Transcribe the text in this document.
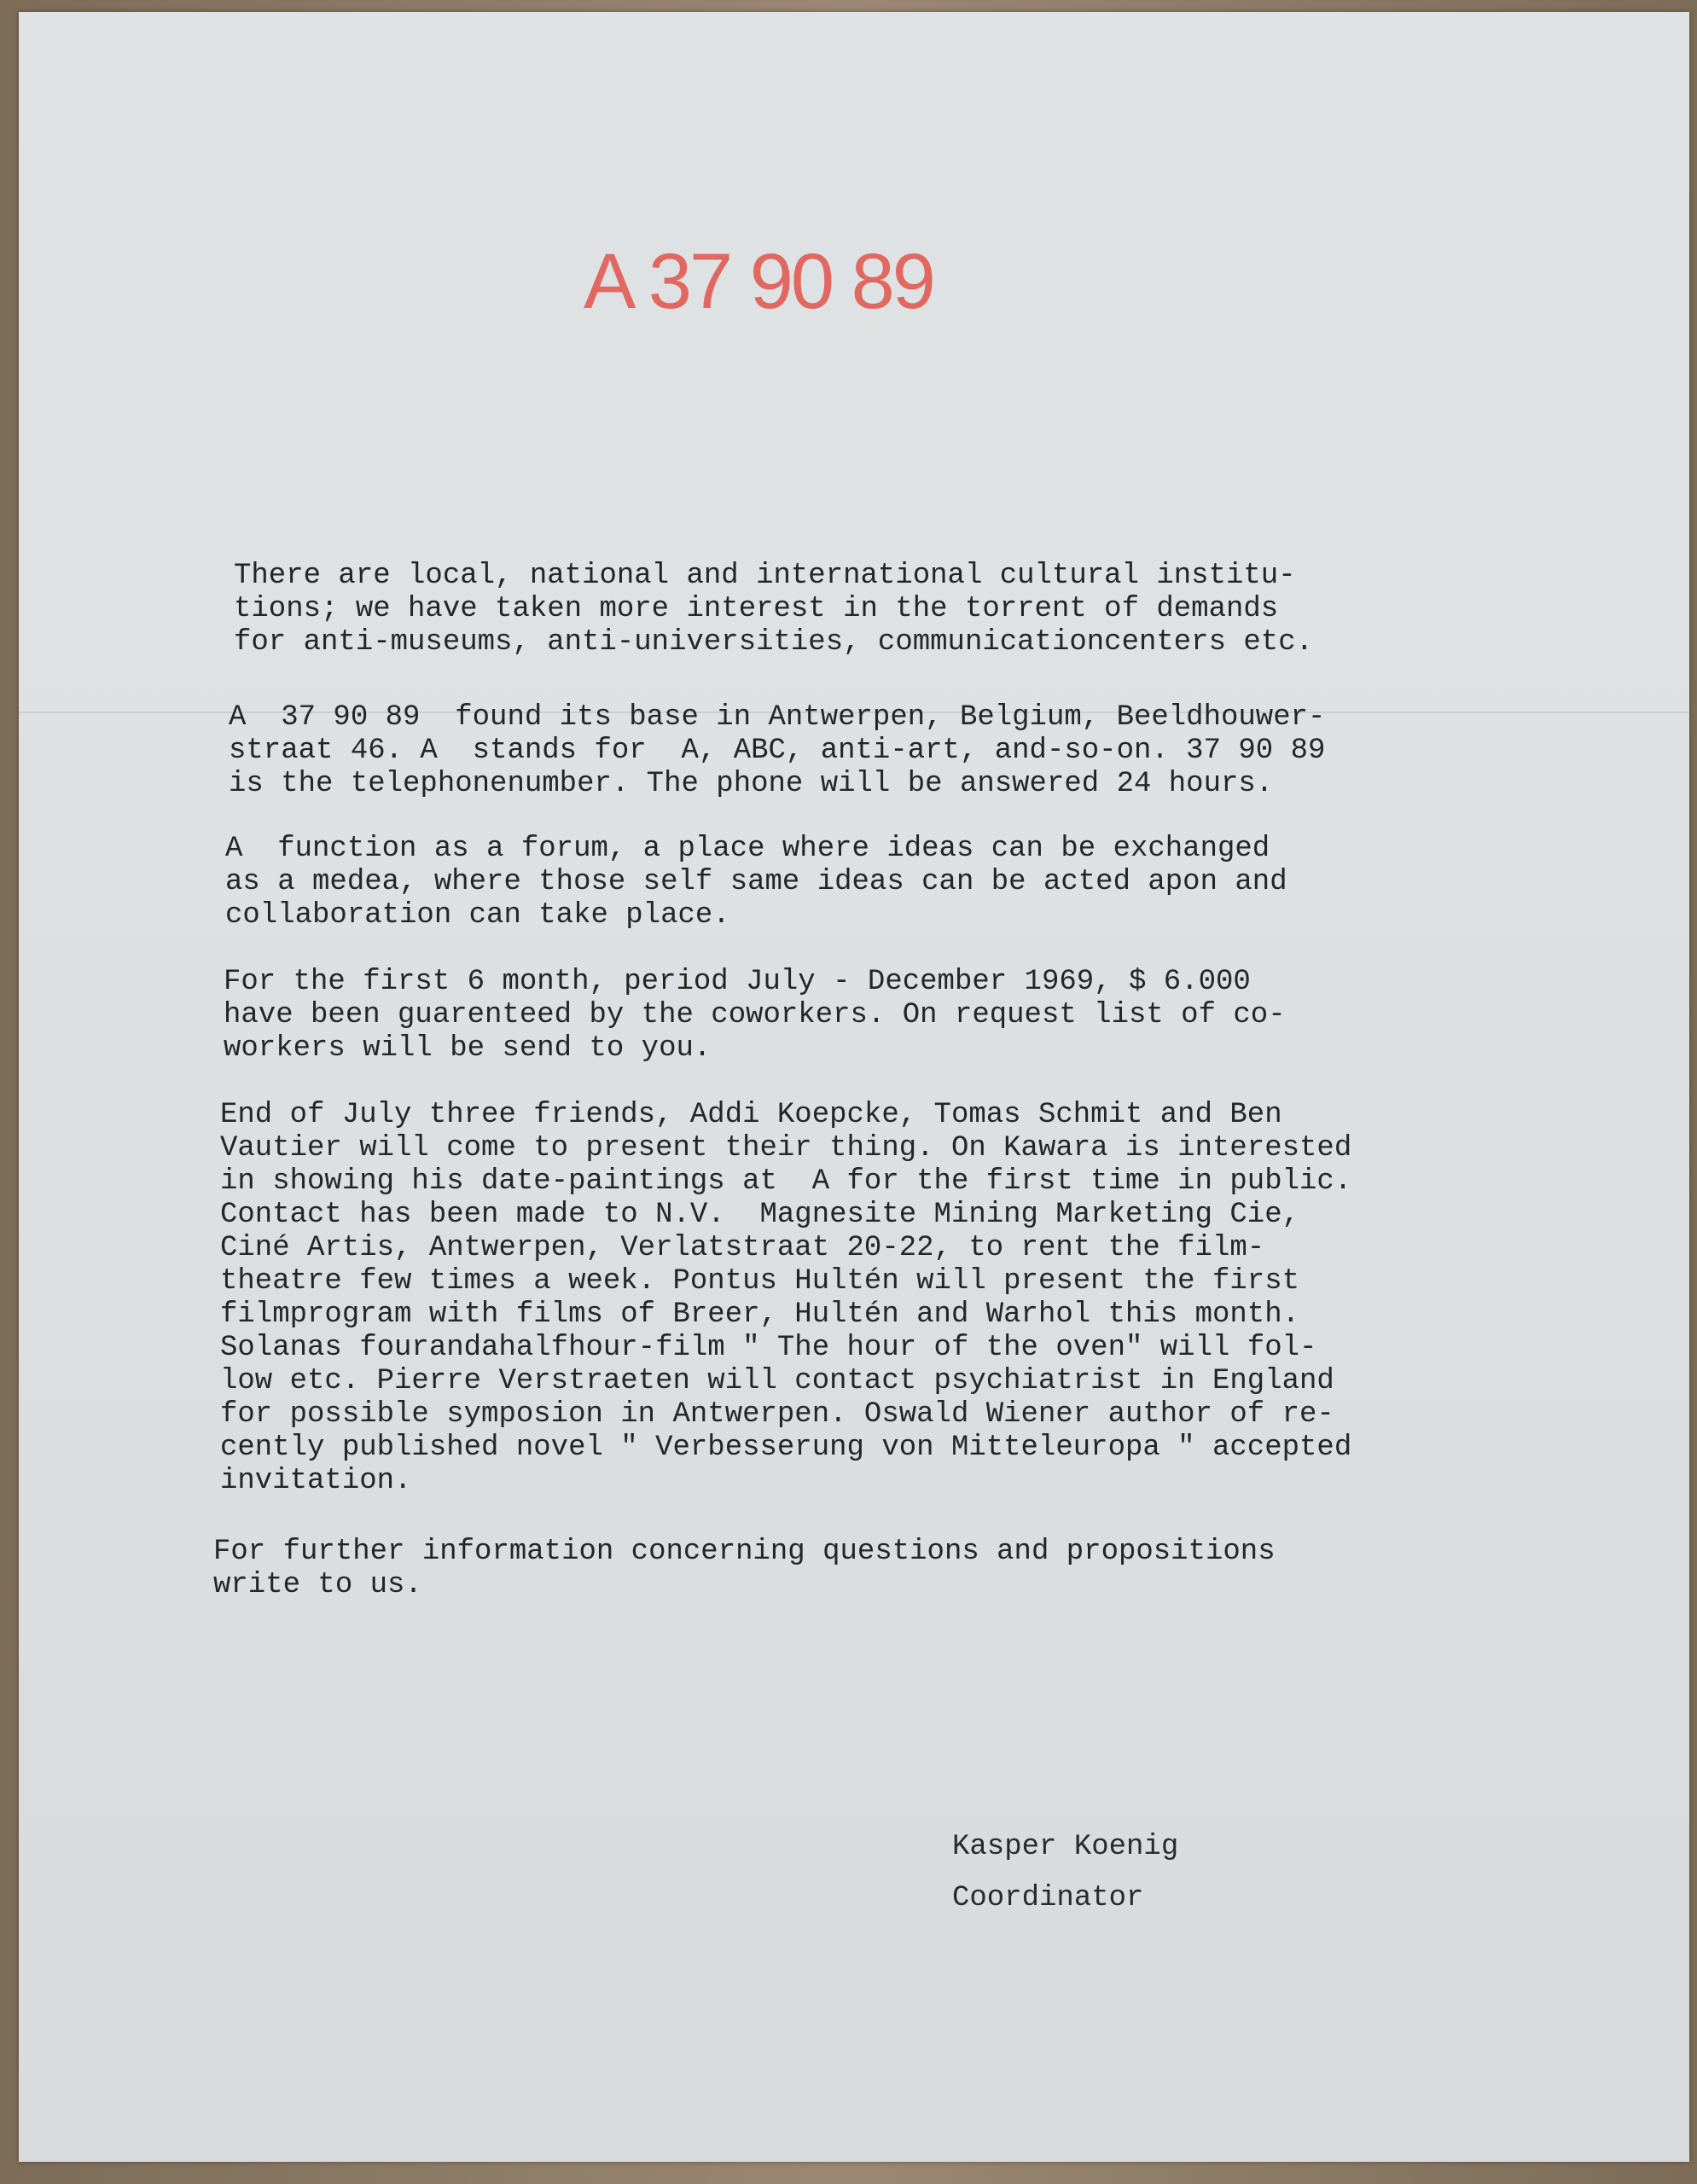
A 37 90 89

There are local, national and international cultural institu-
tions; we have taken more interest in the torrent of demands
for anti-museums, anti-universities, communicationcenters etc.

A  37 90 89  found its base in Antwerpen, Belgium, Beeldhouwer-
straat 46. A  stands for  A, ABC, anti-art, and-so-on. 37 90 89
is the telephonenumber. The phone will be answered 24 hours.

A  function as a forum, a place where ideas can be exchanged
as a medea, where those self same ideas can be acted apon and
collaboration can take place.

For the first 6 month, period July - December 1969, $ 6.000
have been guarenteed by the coworkers. On request list of co-
workers will be send to you.

End of July three friends, Addi Koepcke, Tomas Schmit and Ben
Vautier will come to present their thing. On Kawara is interested
in showing his date-paintings at  A for the first time in public.
Contact has been made to N.V.  Magnesite Mining Marketing Cie,
Ciné Artis, Antwerpen, Verlatstraat 20-22, to rent the film-
theatre few times a week. Pontus Hultén will present the first
filmprogram with films of Breer, Hultén and Warhol this month.
Solanas fourandahalfhour-film " The hour of the oven" will fol-
low etc. Pierre Verstraeten will contact psychiatrist in England
for possible symposion in Antwerpen. Oswald Wiener author of re-
cently published novel " Verbesserung von Mitteleuropa " accepted
invitation.

For further information concerning questions and propositions
write to us.

Kasper Koenig
Coordinator
